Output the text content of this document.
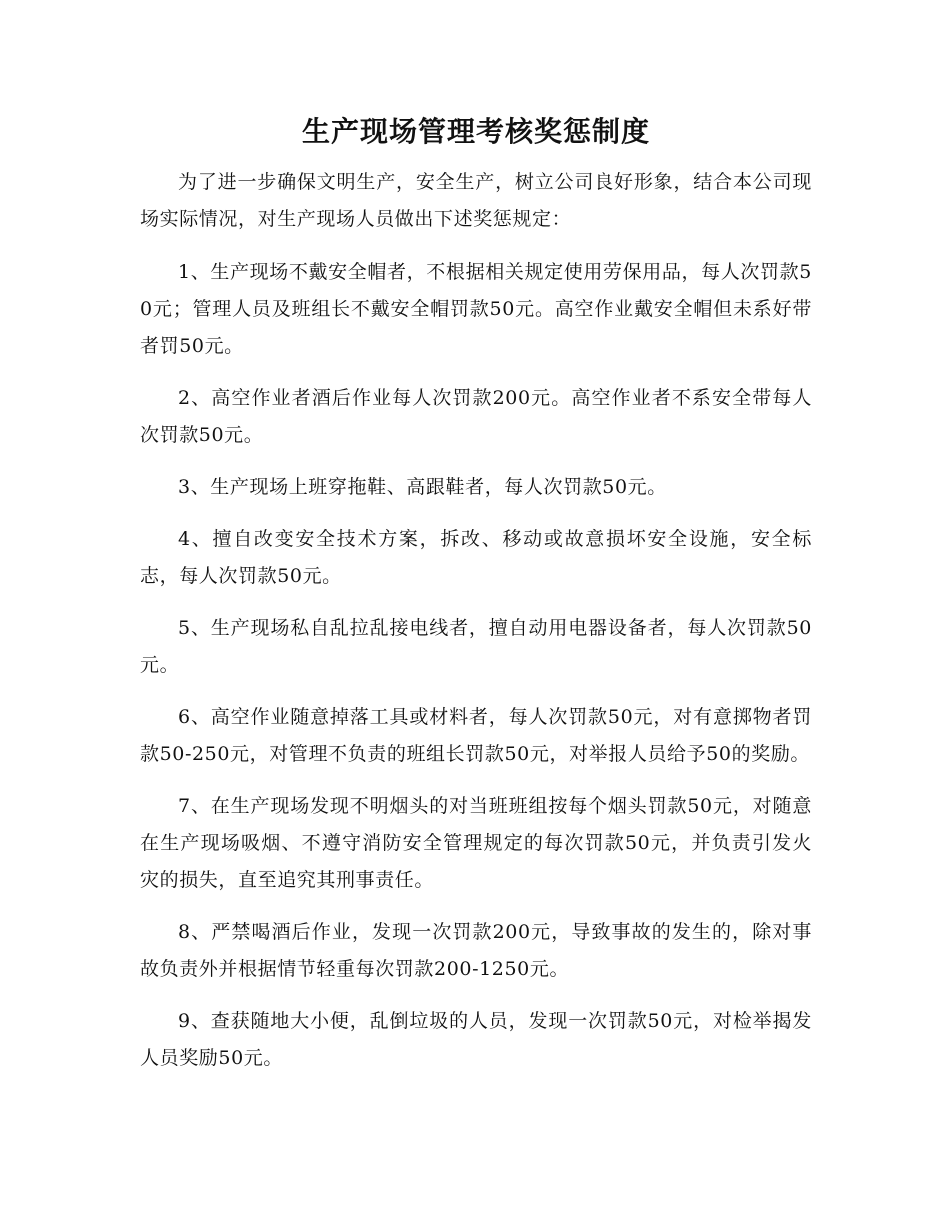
生产现场管理考核奖惩制度

为了进一步确保文明生产，安全生产，树立公司良好形象，结合本公司现场实际情况，对生产现场人员做出下述奖惩规定：

1、生产现场不戴安全帽者，不根据相关规定使用劳保用品，每人次罚款50元；管理人员及班组长不戴安全帽罚款50元。高空作业戴安全帽但未系好带者罚50元。

2、高空作业者酒后作业每人次罚款200元。高空作业者不系安全带每人次罚款50元。

3、生产现场上班穿拖鞋、高跟鞋者，每人次罚款50元。

4、擅自改变安全技术方案，拆改、移动或故意损坏安全设施，安全标志，每人次罚款50元。

5、生产现场私自乱拉乱接电线者，擅自动用电器设备者，每人次罚款50元。

6、高空作业随意掉落工具或材料者，每人次罚款50元，对有意掷物者罚款50-250元，对管理不负责的班组长罚款50元，对举报人员给予50的奖励。

7、在生产现场发现不明烟头的对当班班组按每个烟头罚款50元，对随意在生产现场吸烟、不遵守消防安全管理规定的每次罚款50元，并负责引发火灾的损失，直至追究其刑事责任。

8、严禁喝酒后作业，发现一次罚款200元，导致事故的发生的，除对事故负责外并根据情节轻重每次罚款200-1250元。

9、查获随地大小便，乱倒垃圾的人员，发现一次罚款50元，对检举揭发人员奖励50元。
